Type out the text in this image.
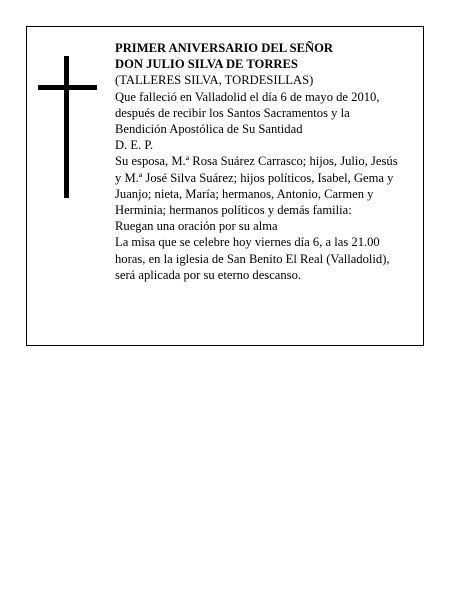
PRIMER ANIVERSARIO DEL SEÑOR
DON JULIO SILVA DE TORRES
(TALLERES SILVA, TORDESILLAS)
Que falleció en Valladolid el día 6 de mayo de 2010,
después de recibir los Santos Sacramentos y la
Bendición Apostólica de Su Santidad
D. E. P.
Su esposa, M.ª Rosa Suárez Carrasco; hijos, Julio, Jesús
y M.ª José Silva Suárez; hijos políticos, Isabel, Gema y
Juanjo; nieta, María; hermanos, Antonio, Carmen y
Herminia; hermanos políticos y demás familia:
Ruegan una oración por su alma
La misa que se celebre hoy viernes día 6, a las 21.00
horas, en la iglesia de San Benito El Real (Valladolid),
será aplicada por su eterno descanso.
